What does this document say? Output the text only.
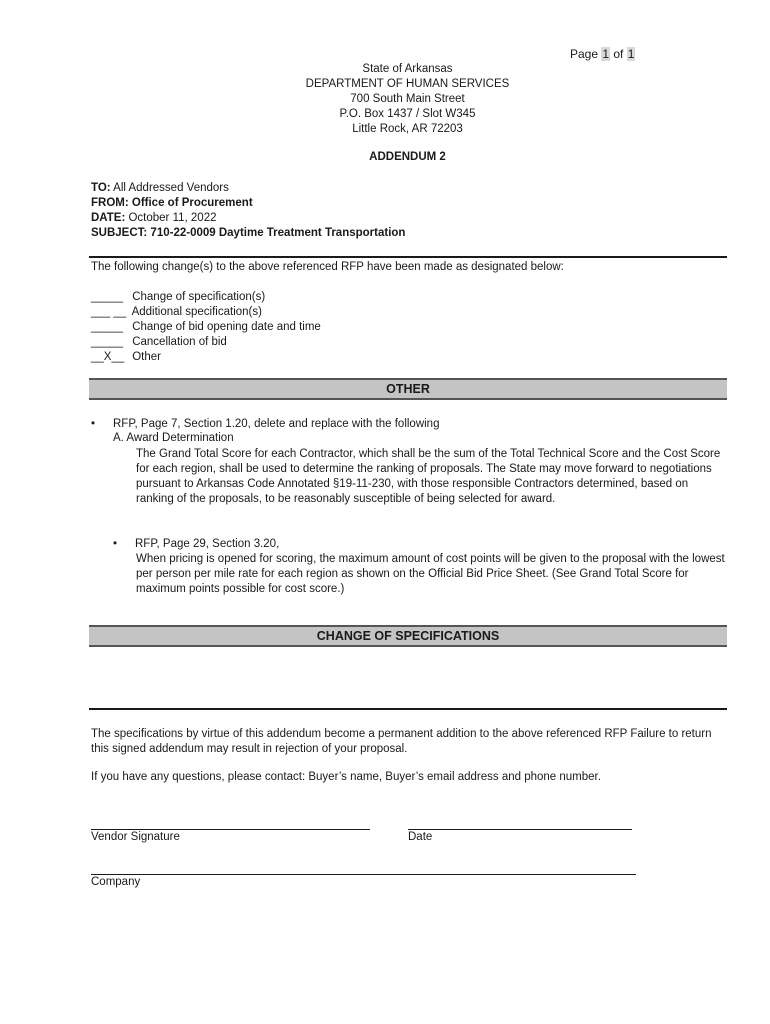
Page 1 of 1
State of Arkansas
DEPARTMENT OF HUMAN SERVICES
700 South Main Street
P.O. Box 1437 / Slot W345
Little Rock, AR 72203
ADDENDUM 2
TO: All Addressed Vendors
FROM: Office of Procurement
DATE: October 11, 2022
SUBJECT: 710-22-0009 Daytime Treatment Transportation
The following change(s) to the above referenced RFP have been made as designated below:
_____ Change of specification(s)
___ __ Additional specification(s)
_____ Change of bid opening date and time
_____ Cancellation of bid
__X__ Other
OTHER
• RFP, Page 7, Section 1.20, delete and replace with the following
A. Award Determination
The Grand Total Score for each Contractor, which shall be the sum of the Total Technical Score and the Cost Score for each region, shall be used to determine the ranking of proposals. The State may move forward to negotiations pursuant to Arkansas Code Annotated §19-11-230, with those responsible Contractors determined, based on ranking of the proposals, to be reasonably susceptible of being selected for award.
• RFP, Page 29, Section 3.20,
When pricing is opened for scoring, the maximum amount of cost points will be given to the proposal with the lowest per person per mile rate for each region as shown on the Official Bid Price Sheet. (See Grand Total Score for maximum points possible for cost score.)
CHANGE OF SPECIFICATIONS
The specifications by virtue of this addendum become a permanent addition to the above referenced RFP Failure to return this signed addendum may result in rejection of your proposal.
If you have any questions, please contact: Buyer’s name, Buyer’s email address and phone number.
Vendor Signature	Date
Company
